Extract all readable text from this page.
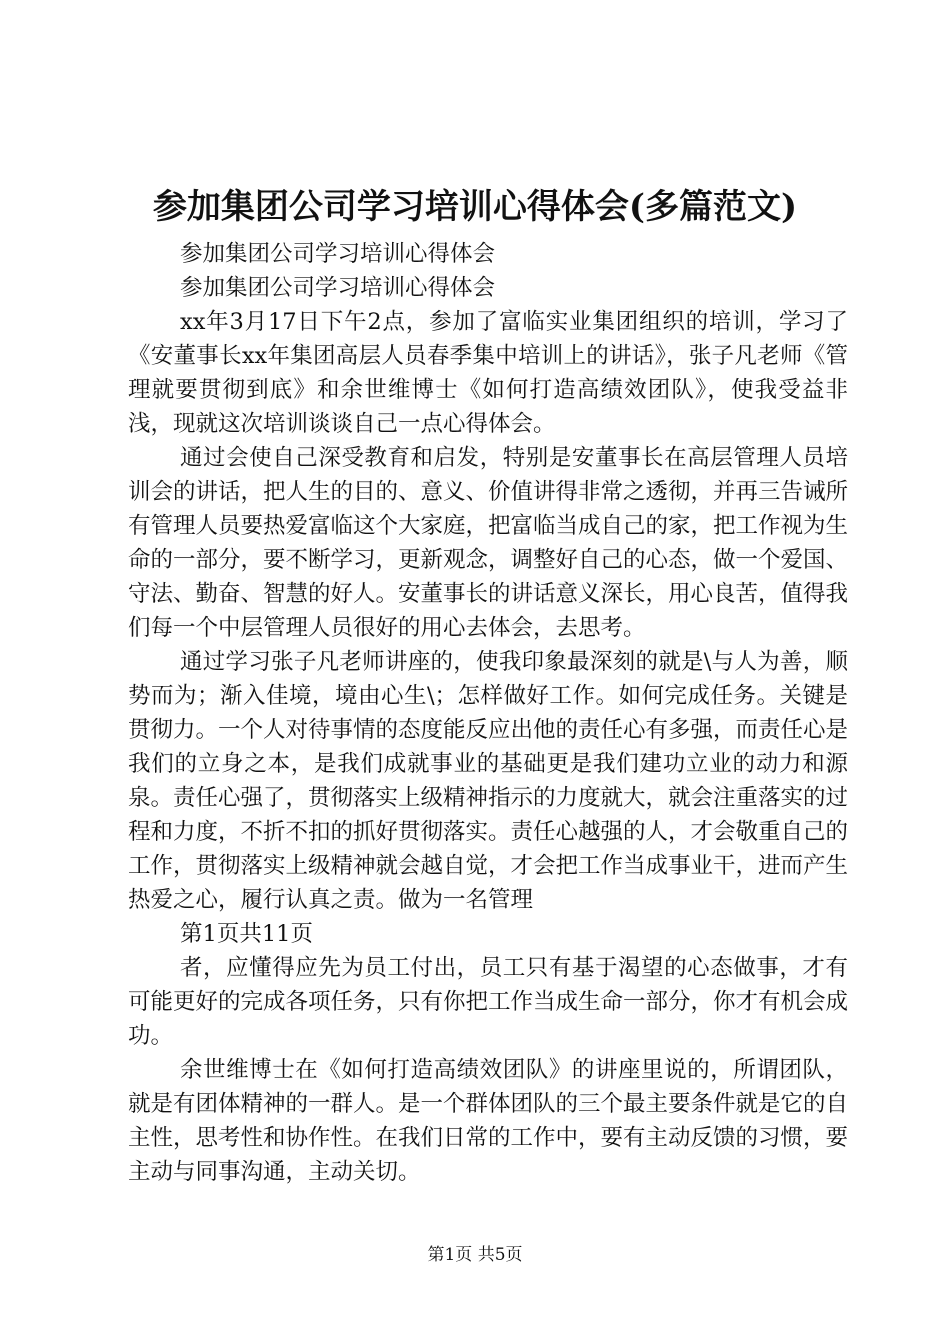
参加集团公司学习培训心得体会(多篇范文)
参加集团公司学习培训心得体会
参加集团公司学习培训心得体会

xx年3月17日下午2点，参加了富临实业集团组织的培训，学习了《安董事长xx年集团高层人员春季集中培训上的讲话》，张子凡老师《管理就要贯彻到底》和余世维博士《如何打造高绩效团队》，使我受益非浅，现就这次培训谈谈自己一点心得体会。

通过会使自己深受教育和启发，特别是安董事长在高层管理人员培训会的讲话，把人生的目的、意义、价值讲得非常之透彻，并再三告诫所有管理人员要热爱富临这个大家庭，把富临当成自己的家，把工作视为生命的一部分，要不断学习，更新观念，调整好自己的心态，做一个爱国、守法、勤奋、智慧的好人。安董事长的讲话意义深长，用心良苦，值得我们每一个中层管理人员很好的用心去体会，去思考。

通过学习张子凡老师讲座的，使我印象最深刻的就是\与人为善，顺势而为；渐入佳境，境由心生\；怎样做好工作。如何完成任务。关键是贯彻力。一个人对待事情的态度能反应出他的责任心有多强，而责任心是我们的立身之本，是我们成就事业的基础更是我们建功立业的动力和源泉。责任心强了，贯彻落实上级精神指示的力度就大，就会注重落实的过程和力度，不折不扣的抓好贯彻落实。责任心越强的人，才会敬重自己的工作，贯彻落实上级精神就会越自觉，才会把工作当成事业干，进而产生热爱之心，履行认真之责。做为一名管理

第1页共11页

者，应懂得应先为员工付出，员工只有基于渴望的心态做事，才有可能更好的完成各项任务，只有你把工作当成生命一部分，你才有机会成功。

余世维博士在《如何打造高绩效团队》的讲座里说的，所谓团队，就是有团体精神的一群人。是一个群体团队的三个最主要条件就是它的自主性，思考性和协作性。在我们日常的工作中，要有主动反馈的习惯，要主动与同事沟通，主动关切。

第1页 共5页
